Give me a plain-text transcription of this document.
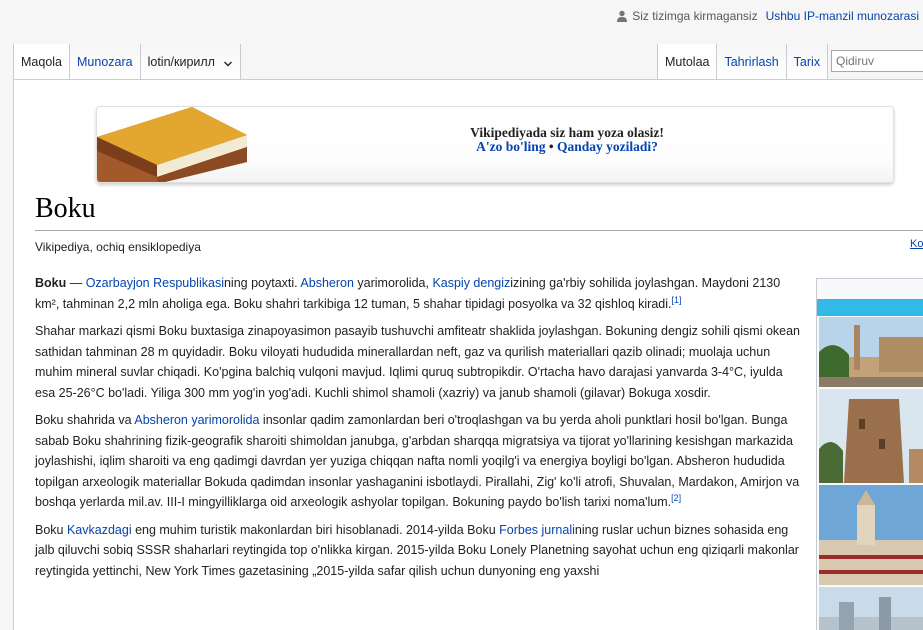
Siz tizimga kirmagansiz Ushbu IP-manzil munozarasi
Maqola	Munozara	lotin/кирилл	Mutolaa	Tahrirlash	Tarix
Qidiruv
Vikipediyada siz ham yoza olasiz!
A'zo bo'ling • Qanday yoziladi?
Boku
Vikipediya, ochiq ensiklopediya	Ko

Boku — Ozarbayjon Respublikasining poytaxti. Absheron yarimorolida, Kaspiy dengizizining ga'rbiy sohilida joylashgan. Maydoni 2130 km², tahminan 2,2 mln aholiga ega. Boku shahri tarkibiga 12 tuman, 5 shahar tipidagi posyolka va 32 qishloq kiradi.[1]

Shahar markazi qismi Boku buxtasiga zinapoyasimon pasayib tushuvchi amfiteatr shaklida joylashgan. Bokuning dengiz sohili qismi okean sathidan tahminan 28 m quyidadir. Boku viloyati hududida minerallardan neft, gaz va qurilish materiallari qazib olinadi; muolaja uchun muhim mineral suvlar chiqadi. Ko'pgina balchiq vulqoni mavjud. Iqlimi quruq subtropikdir. O'rtacha havo darajasi yanvarda 3-4°C, iyulda esa 25-26°C bo'ladi. Yiliga 300 mm yog'in yog'adi. Kuchli shimol shamoli (xazriy) va janub shamoli (gilavar) Bokuga xosdir.

Boku shahrida va Absheron yarimorolida insonlar qadim zamonlardan beri o'troqlashgan va bu yerda aholi punktlari hosil bo'lgan. Bunga sabab Boku shahrining fizik-geografik sharoiti shimoldan janubga, g'arbdan sharqqa migratsiya va tijorat yo'llarining kesishgan markazida joylashishi, iqlim sharoiti va eng qadimgi davrdan yer yuziga chiqqan nafta nomli yoqilg'i va energiya boyligi bo'lgan. Absheron hududida topilgan arxeologik materiallar Bokuda qadimdan insonlar yashaganini isbotlaydi. Pirallahi, Zig' ko'li atrofi, Shuvalan, Mardakon, Amirjon va boshqa yerlarda mil.av. III-I mingyilliklarga oid arxeologik ashyolar topilgan. Bokuning paydo bo'lish tarixi noma'lum.[2]

Boku Kavkazdagi eng muhim turistik makonlardan biri hisoblanadi. 2014-yilda Boku Forbes jurnalining ruslar uchun biznes sohasida eng jalb qiluvchi sobiq SSSR shaharlari reytingida top o'nlikka kirgan. 2015-yilda Boku Lonely Planetning sayohat uchun eng qiziqarli makonlar reytingida yettinchi, New York Times gazetasining „2015-yilda safar qilish uchun dunyoning eng yaxshi
